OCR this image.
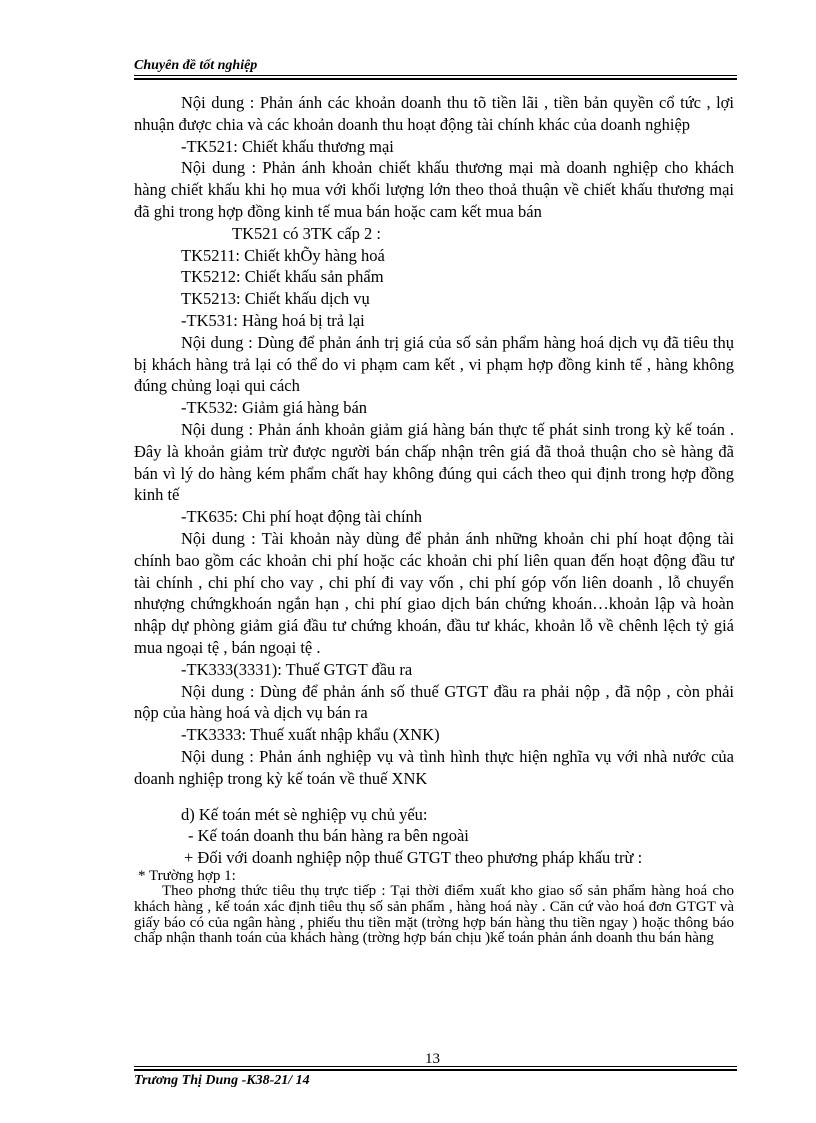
Chuyên đề tốt nghiệp

Nội dung : Phản ánh các khoản doanh thu tõ tiền lãi , tiền bản quyền cổ tức , lợi nhuận được chia và các khoản doanh thu hoạt động tài chính khác của doanh nghiệp

-TK521: Chiết khấu thương mại

Nội dung : Phản ánh khoản chiết khấu thương mại mà doanh nghiệp cho khách hàng chiết khấu khi họ mua với khối lượng lớn theo thoả thuận về chiết khấu thương mại đã ghi trong hợp đồng kinh tế mua bán hoặc cam kết mua bán

TK521 có 3TK cấp 2 :

TK5211: Chiết khÕy hàng hoá

TK5212: Chiết khấu sản phẩm

TK5213: Chiết khấu dịch vụ

-TK531: Hàng hoá bị trả lại

Nội dung : Dùng để phản ánh trị giá của số sản phẩm hàng hoá dịch vụ đã tiêu thụ bị khách hàng trả lại có thể do vi phạm cam kết , vi phạm hợp đồng kinh tế , hàng không đúng chủng loại qui cách

-TK532: Giảm giá hàng bán

Nội dung : Phản ánh khoản giảm giá hàng bán thực tế phát sinh trong kỳ kế toán . Đây là khoản giảm trừ được người bán chấp nhận trên giá đã thoả thuận cho sè hàng đã bán vì lý do hàng kém phẩm chất hay không đúng qui cách theo qui định trong hợp đồng kinh tế

-TK635: Chi phí hoạt động tài chính

Nội dung : Tài khoản này dùng để phản ánh những khoản chi phí hoạt động tài chính bao gồm các khoản chi phí hoặc các khoản chi phí liên quan đến hoạt động đầu tư tài chính , chi phí cho vay , chi phí đi vay vốn , chi phí góp vốn liên doanh , lỗ chuyển nhượng chứngkhoán ngắn hạn , chi phí giao dịch bán chứng khoán…khoản lập và hoàn nhập dự phòng giảm giá đầu tư chứng khoán, đầu tư khác, khoản lỗ về chênh lệch tỷ giá mua ngoại tệ , bán ngoại tệ .

-TK333(3331): Thuế GTGT đầu ra

Nội dung : Dùng để phản ánh số thuế GTGT đầu ra phải nộp , đã nộp , còn phải nộp của hàng hoá và dịch vụ bán ra

-TK3333: Thuế xuất nhập khẩu (XNK)

Nội dung : Phản ánh nghiệp vụ và tình hình thực hiện nghĩa vụ với nhà nước của doanh nghiệp trong kỳ kế toán về thuế XNK

d) Kế toán mét sè nghiệp vụ chủ yếu:

- Kế toán doanh thu bán hàng ra bên ngoài

+ Đối với doanh nghiệp nộp thuế GTGT theo phương pháp khấu trừ :

* Trường hợp 1:

Theo phơng thức tiêu thụ trực tiếp : Tại thời điểm xuất kho giao số sản phẩm hàng hoá cho khách hàng , kế toán xác định tiêu thụ số sản phẩm , hàng hoá này . Căn cứ vào hoá đơn GTGT và giấy báo có của ngân hàng , phiếu thu tiền mặt (trờng hợp bán hàng thu tiền ngay ) hoặc thông báo chấp nhận thanh toán của khách hàng (trờng hợp bán chịu )kế toán phản ánh doanh thu bán hàng

13
Trương Thị Dung -K38-21/ 14
